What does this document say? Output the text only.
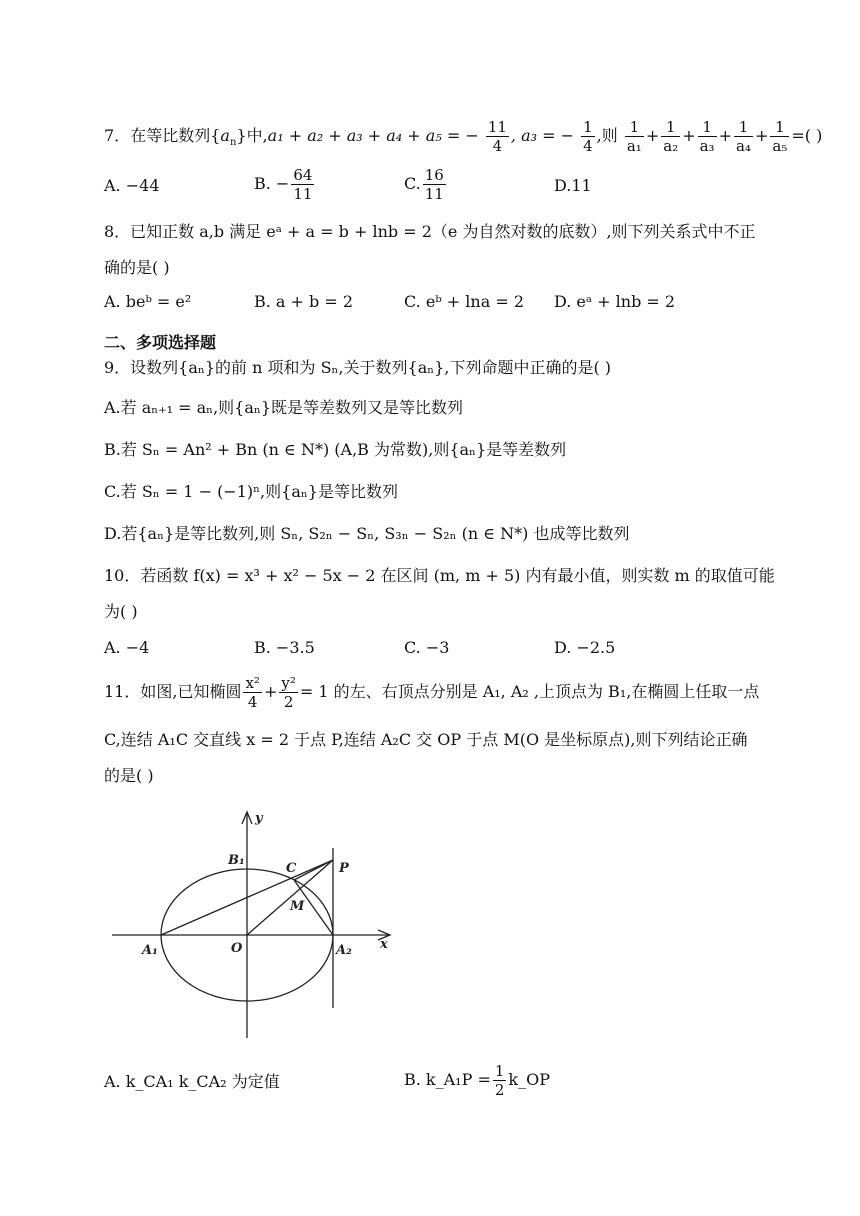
7．在等比数列$\{a_n\}$中,a₁ + a₂ + a₃ + a₄ + a₅ = − $\frac{11}{4}$ , a₃ = − $\frac{1}{4}$ ,则 $\frac{1}{\text{a₁}} + \frac{1}{\text{a₂}} + \frac{1}{\text{a₃}} + \frac{1}{\text{a₄}} + \frac{1}{\text{a₅}}$ =( )
A. −44	B. − $\frac{64}{11}$	C. $\frac{16}{11}$	D.11
8．已知正数 a,b 满足 eᵃ + a = b + lnb = 2（e 为自然对数的底数）,则下列关系式中不正
确的是( )
A. beᵇ = e²	B. a + b = 2	C. eᵇ + lna = 2 D. eᵃ + lnb = 2
二、多项选择题
9．设数列{aₙ}的前 n 项和为 Sₙ,关于数列{aₙ},下列命题中正确的是( )
A.若 aₙ₊₁ = aₙ,则{aₙ}既是等差数列又是等比数列
B.若 Sₙ = An² + Bn (n ∈ N*) (A,B 为常数),则{aₙ}是等差数列
C.若 Sₙ = 1 − (−1)ⁿ,则{aₙ}是等比数列
D.若{aₙ}是等比数列,则 Sₙ, S₂ₙ − Sₙ, S₃ₙ − S₂ₙ (n ∈ N*) 也成等比数列
10．若函数 f(x) = x³ + x² − 5x − 2 在区间 (m, m + 5) 内有最小值，则实数 m 的取值可能
为( )
A. −4	B. −3.5	C. −3	D. −2.5
11．如图,已知椭圆 $\frac{\text{x²}}{4} + \frac{\text{y²}}{2} = 1$ 的左、右顶点分别是 A₁, A₂ ,上顶点为 B₁,在椭圆上任取一点
C,连结 A₁C 交直线 x = 2 于点 P,连结 A₂C 交 OP 于点 M(O 是坐标原点),则下列结论正确
的是( )
y
x
B₁
C	P
M
O
A₁	A₂
A. k_CA₁ k_CA₂ 为定值	B. k_A₁P = $\frac{1}{2}$ k_OP
